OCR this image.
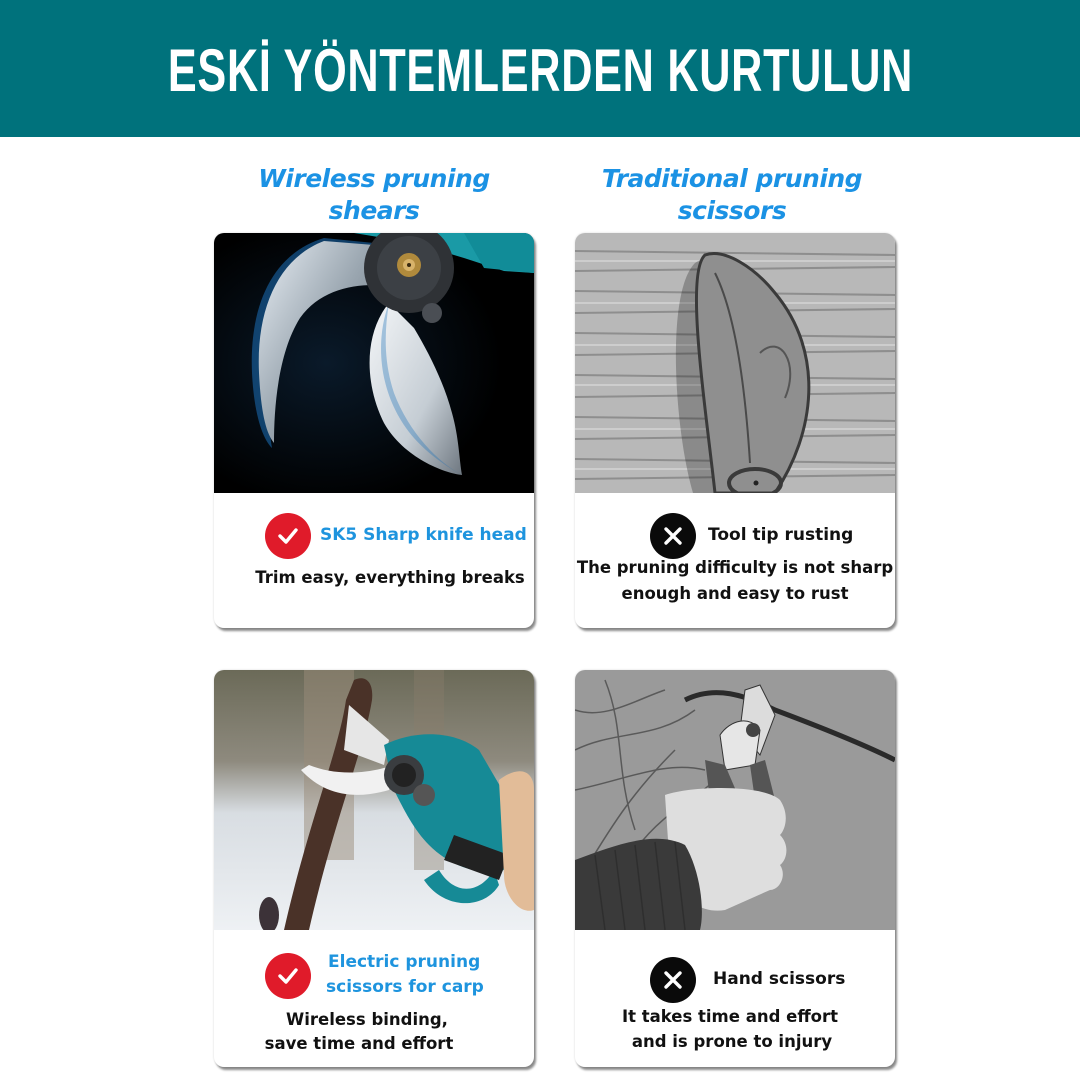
ESKİ YÖNTEMLERDEN KURTULUN
Wireless pruning
shears
Traditional pruning
scissors
SK5 Sharp knife head
Trim easy, everything breaks
Tool tip rusting
The pruning difficulty is not sharp
enough and easy to rust
Electric pruning
scissors for carp
Wireless binding,
save time and effort
Hand scissors
It takes time and effort
and is prone to injury
